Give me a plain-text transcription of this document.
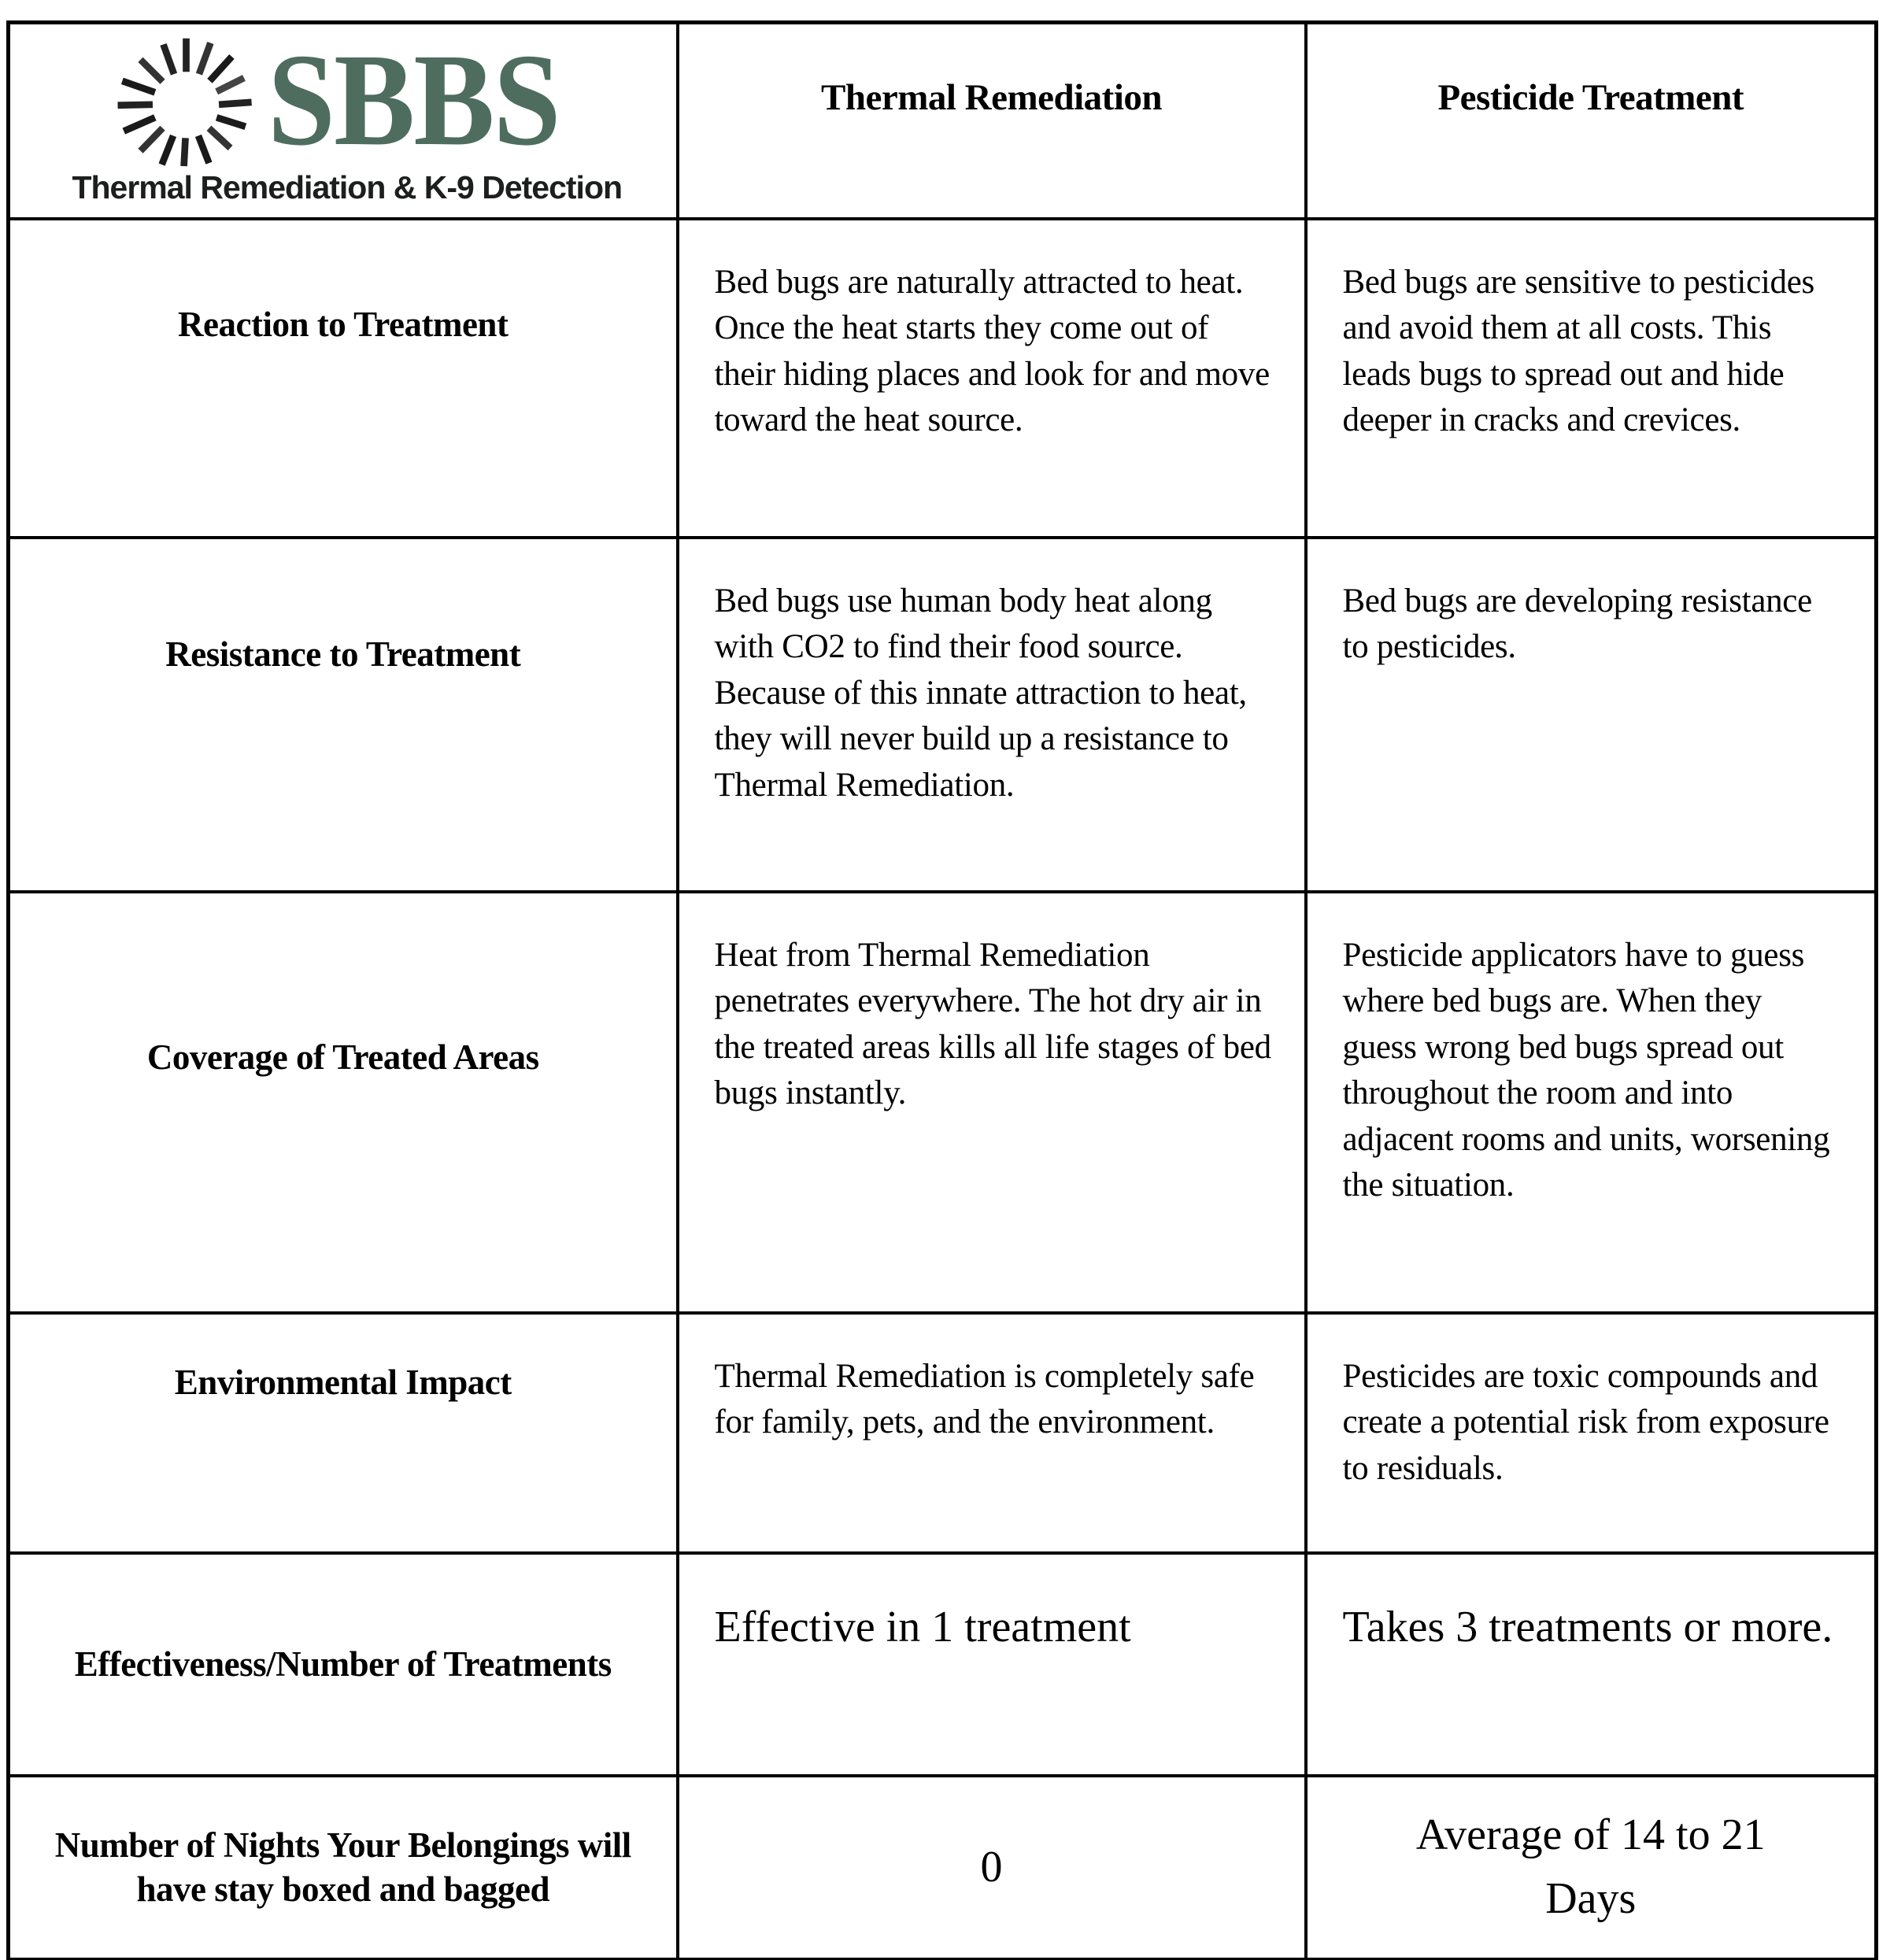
SBBS
Thermal Remediation & K-9 Detection	Thermal Remediation	Pesticide Treatment
Reaction to Treatment	Bed bugs are naturally attracted to heat. Once the heat starts they come out of their hiding places and look for and move toward the heat source.	Bed bugs are sensitive to pesticides and avoid them at all costs. This leads bugs to spread out and hide deeper in cracks and crevices.
Resistance to Treatment	Bed bugs use human body heat along with CO2 to find their food source. Because of this innate attraction to heat, they will never build up a resistance to Thermal Remediation.	Bed bugs are developing resistance to pesticides.
Coverage of Treated Areas	Heat from Thermal Remediation penetrates everywhere. The hot dry air in the treated areas kills all life stages of bed bugs instantly.	Pesticide applicators have to guess where bed bugs are. When they guess wrong bed bugs spread out throughout the room and into adjacent rooms and units, worsening the situation.
Environmental Impact	Thermal Remediation is completely safe for family, pets, and the environment.	Pesticides are toxic compounds and create a potential risk from exposure to residuals.
Effectiveness/Number of Treatments	Effective in 1 treatment	Takes 3 treatments or more.
Number of Nights Your Belongings will have stay boxed and bagged	0	Average of 14 to 21 Days
